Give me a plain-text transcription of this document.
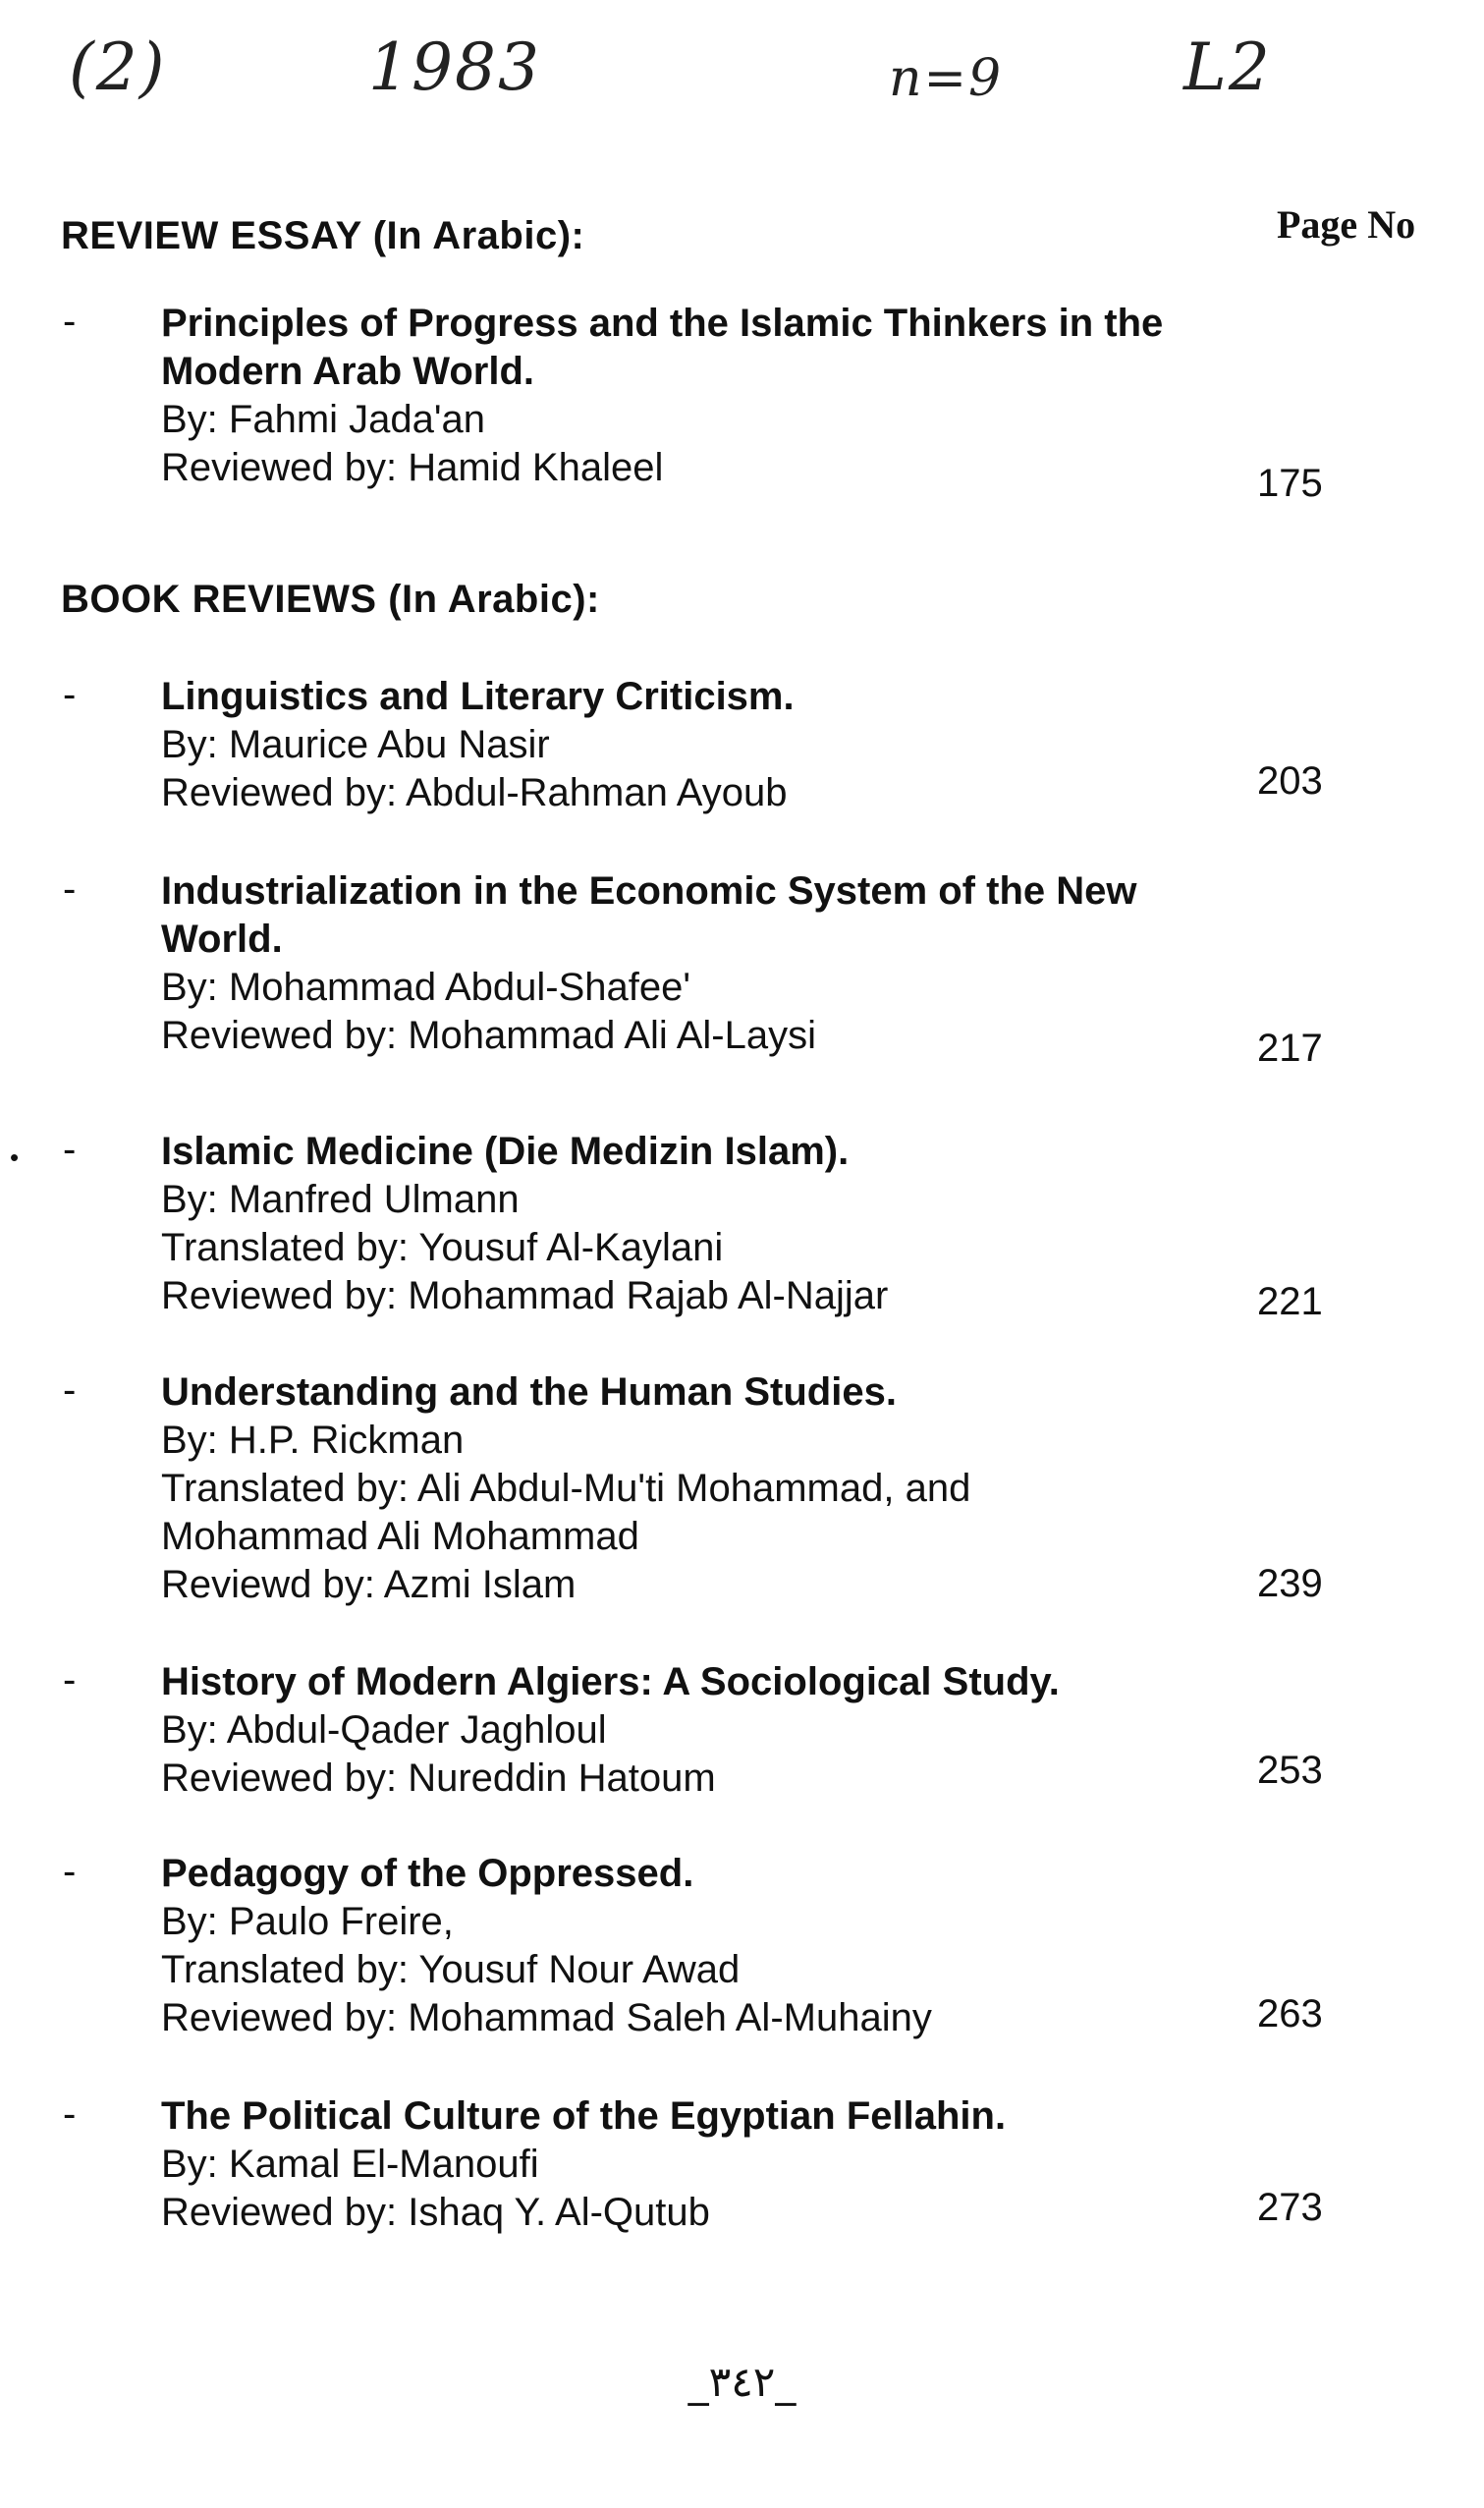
(2)	1983	n=9	L2
REVIEW ESSAY (In Arabic):	Page No
- Principles of Progress and the Islamic Thinkers in the
Modern Arab World.
By: Fahmi Jada'an
Reviewed by: Hamid Khaleel	175
BOOK REVIEWS (In Arabic):
- Linguistics and Literary Criticism.
By: Maurice Abu Nasir
Reviewed by: Abdul-Rahman Ayoub	203
- Industrialization in the Economic System of the New
World.
By: Mohammad Abdul-Shafee'
Reviewed by: Mohammad Ali Al-Laysi	217
• - Islamic Medicine (Die Medizin Islam).
By: Manfred Ulmann
Translated by: Yousuf Al-Kaylani
Reviewed by: Mohammad Rajab Al-Najjar	221
- Understanding and the Human Studies.
By: H.P. Rickman
Translated by: Ali Abdul-Mu'ti Mohammad, and
Mohammad Ali Mohammad
Reviewd by: Azmi Islam	239
- History of Modern Algiers: A Sociological Study.
By: Abdul-Qader Jaghloul
Reviewed by: Nureddin Hatoum	253
- Pedagogy of the Oppressed.
By: Paulo Freire,
Translated by: Yousuf Nour Awad
Reviewed by: Mohammad Saleh Al-Muhainy	263
- The Political Culture of the Egyptian Fellahin.
By: Kamal El-Manoufi
Reviewed by: Ishaq Y. Al-Qutub	273
_٣٤٢_
